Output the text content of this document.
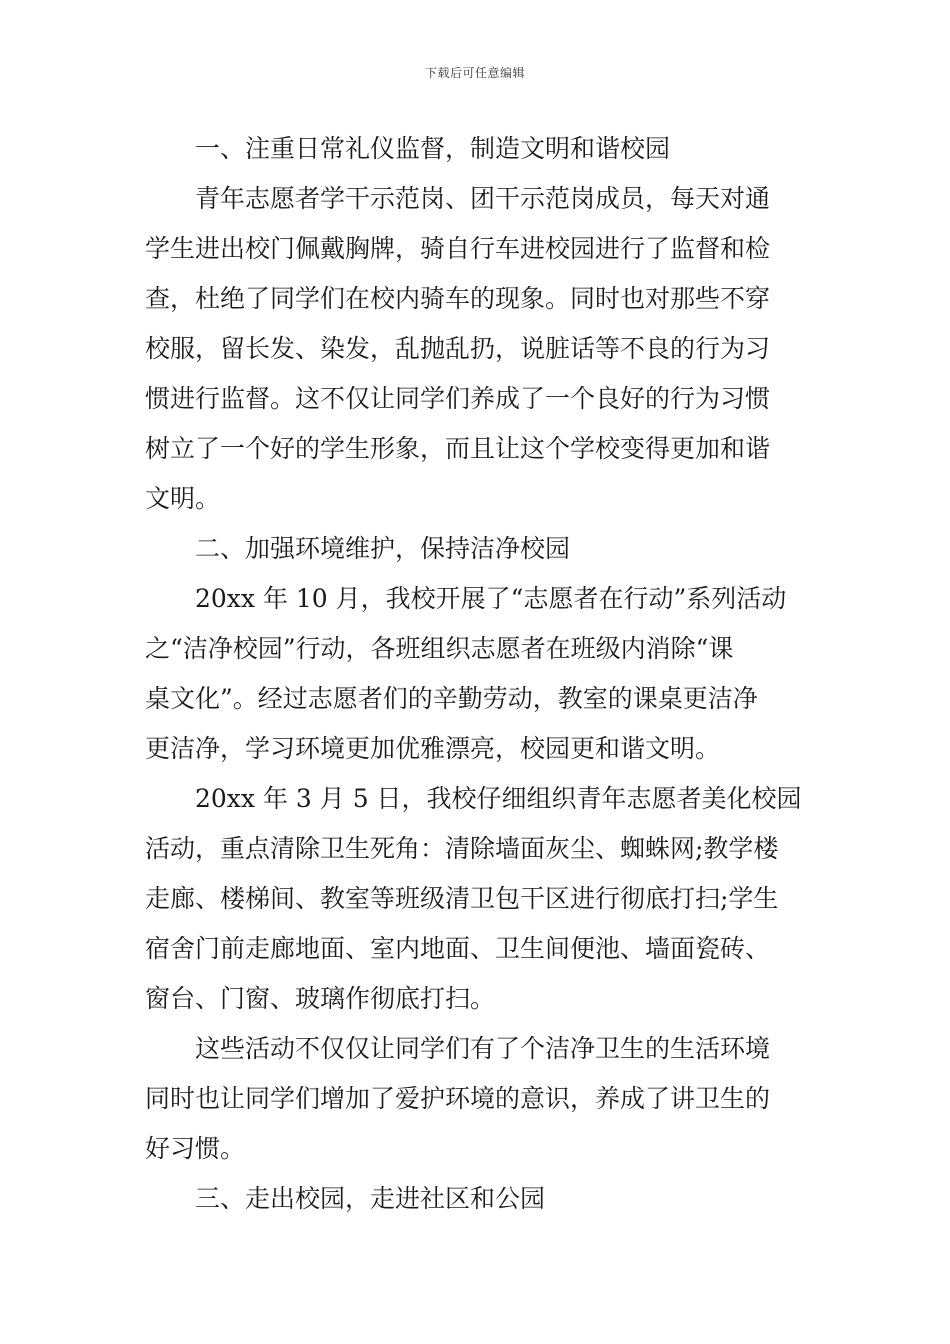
下载后可任意编辑
一、注重日常礼仪监督，制造文明和谐校园
青年志愿者学干示范岗、团干示范岗成员，每天对通
学生进出校门佩戴胸牌，骑自行车进校园进行了监督和检
查，杜绝了同学们在校内骑车的现象。同时也对那些不穿
校服，留长发、染发，乱抛乱扔，说脏话等不良的行为习
惯进行监督。这不仅让同学们养成了一个良好的行为习惯
树立了一个好的学生形象，而且让这个学校变得更加和谐
文明。
二、加强环境维护，保持洁净校园
20xx 年 10 月，我校开展了“志愿者在行动”系列活动
之“洁净校园”行动，各班组织志愿者在班级内消除“课
桌文化”。经过志愿者们的辛勤劳动，教室的课桌更洁净
更洁净，学习环境更加优雅漂亮，校园更和谐文明。
20xx 年 3 月 5 日，我校仔细组织青年志愿者美化校园
活动，重点清除卫生死角：清除墙面灰尘、蜘蛛网;教学楼
走廊、楼梯间、教室等班级清卫包干区进行彻底打扫;学生
宿舍门前走廊地面、室内地面、卫生间便池、墙面瓷砖、
窗台、门窗、玻璃作彻底打扫。
这些活动不仅仅让同学们有了个洁净卫生的生活环境
同时也让同学们增加了爱护环境的意识，养成了讲卫生的
好习惯。
三、走出校园，走进社区和公园
